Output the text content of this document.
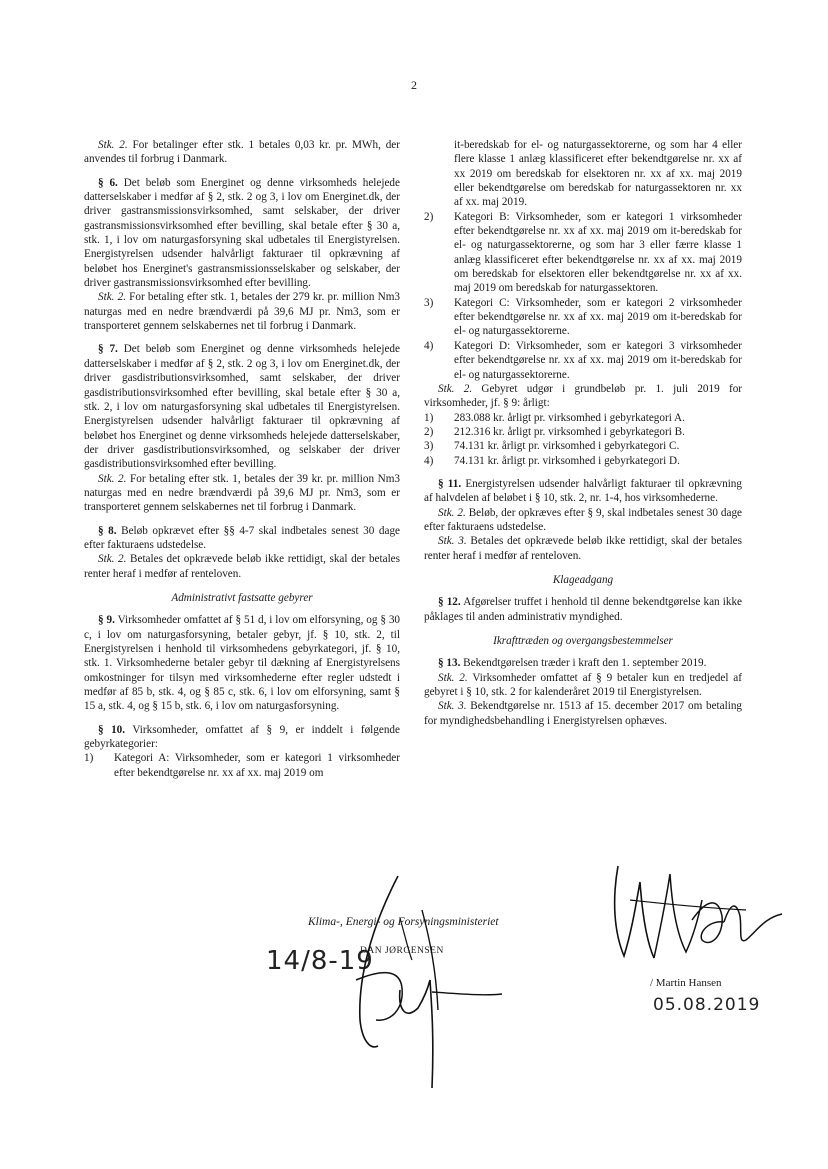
2

Stk. 2. For betalinger efter stk. 1 betales 0,03 kr. pr. MWh, der anvendes til forbrug i Danmark.

§ 6. Det beløb som Energinet og denne virksomheds helejede datterselskaber i medfør af § 2, stk. 2 og 3, i lov om Energinet.dk, der driver gastransmissionsvirksomhed, samt selskaber, der driver gastransmissionsvirksomhed efter bevilling, skal betale efter § 30 a, stk. 1, i lov om naturgasforsyning skal udbetales til Energistyrelsen. Energistyrelsen udsender halvårligt fakturaer til opkrævning af beløbet hos Energinet's gastransmissionsselskaber og selskaber, der driver gastransmissionsvirksomhed efter bevilling.

Stk. 2. For betaling efter stk. 1, betales der 279 kr. pr. million Nm3 naturgas med en nedre brændværdi på 39,6 MJ pr. Nm3, som er transporteret gennem selskabernes net til forbrug i Danmark.

§ 7. Det beløb som Energinet og denne virksomheds helejede datterselskaber i medfør af § 2, stk. 2 og 3, i lov om Energinet.dk, der driver gasdistributionsvirksomhed, samt selskaber, der driver gasdistributionsvirksomhed efter bevilling, skal betale efter § 30 a, stk. 2, i lov om naturgasforsyning skal udbetales til Energistyrelsen. Energistyrelsen udsender halvårligt fakturaer til opkrævning af beløbet hos Energinet og denne virksomheds helejede datterselskaber, der driver gasdistributionsvirksomhed, og selskaber der driver gasdistributionsvirksomhed efter bevilling.

Stk. 2. For betaling efter stk. 1, betales der 39 kr. pr. million Nm3 naturgas med en nedre brændværdi på 39,6 MJ pr. Nm3, som er transporteret gennem selskabernes net til forbrug i Danmark.

§ 8. Beløb opkrævet efter §§ 4-7 skal indbetales senest 30 dage efter fakturaens udstedelse.

Stk. 2. Betales det opkrævede beløb ikke rettidigt, skal der betales renter heraf i medfør af renteloven.

Administrativt fastsatte gebyrer

§ 9. Virksomheder omfattet af § 51 d, i lov om elforsyning, og § 30 c, i lov om naturgasforsyning, betaler gebyr, jf. § 10, stk. 2, til Energistyrelsen i henhold til virksomhedens gebyrkategori, jf. § 10, stk. 1. Virksomhederne betaler gebyr til dækning af Energistyrelsens omkostninger for tilsyn med virksomhederne efter regler udstedt i medfør af 85 b, stk. 4, og § 85 c, stk. 6, i lov om elforsyning, samt § 15 a, stk. 4, og § 15 b, stk. 6, i lov om naturgasforsyning.

§ 10. Virksomheder, omfattet af § 9, er inddelt i følgende gebyrkategorier:

1)	Kategori A: Virksomheder, som er kategori 1 virksomheder efter bekendtgørelse nr. xx af xx. maj 2019 om
it-beredskab for el- og naturgassektorerne, og som har 4 eller flere klasse 1 anlæg klassificeret efter bekendtgørelse nr. xx af xx 2019 om beredskab for elsektoren nr. xx af xx. maj 2019 eller bekendtgørelse om beredskab for naturgassektoren nr. xx af xx. maj 2019.
2)	Kategori B: Virksomheder, som er kategori 1 virksomheder efter bekendtgørelse nr. xx af xx. maj 2019 om it-beredskab for el- og naturgassektorerne, og som har 3 eller færre klasse 1 anlæg klassificeret efter bekendtgørelse nr. xx af xx. maj 2019 om beredskab for elsektoren eller bekendtgørelse nr. xx af xx. maj 2019 om beredskab for naturgassektoren.
3)	Kategori C: Virksomheder, som er kategori 2 virksomheder efter bekendtgørelse nr. xx af xx. maj 2019 om it-beredskab for el- og naturgassektorerne.
4)	Kategori D: Virksomheder, som er kategori 3 virksomheder efter bekendtgørelse nr. xx af xx. maj 2019 om it-beredskab for el- og naturgassektorerne.

Stk. 2. Gebyret udgør i grundbeløb pr. 1. juli 2019 for virksomheder, jf. § 9: årligt:

1)	283.088 kr. årligt pr. virksomhed i gebyrkategori A.
2)	212.316 kr. årligt pr. virksomhed i gebyrkategori B.
3)	74.131 kr. årligt pr. virksomhed i gebyrkategori C.
4)	74.131 kr. årligt pr. virksomhed i gebyrkategori D.

§ 11. Energistyrelsen udsender halvårligt fakturaer til opkrævning af halvdelen af beløbet i § 10, stk. 2, nr. 1-4, hos virksomhederne.

Stk. 2. Beløb, der opkræves efter § 9, skal indbetales senest 30 dage efter fakturaens udstedelse.

Stk. 3. Betales det opkrævede beløb ikke rettidigt, skal der betales renter heraf i medfør af renteloven.

Klageadgang

§ 12. Afgørelser truffet i henhold til denne bekendtgørelse kan ikke påklages til anden administrativ myndighed.

Ikrafttræden og overgangsbestemmelser

§ 13. Bekendtgørelsen træder i kraft den 1. september 2019.

Stk. 2. Virksomheder omfattet af § 9 betaler kun en tredjedel af gebyret i § 10, stk. 2 for kalenderåret 2019 til Energistyrelsen.

Stk. 3. Bekendtgørelse nr. 1513 af 15. december 2017 om betaling for myndighedsbehandling i Energistyrelsen ophæves.

Klima-, Energi- og Forsyningsministeriet
DAN JØRGENSEN
14/8-19
/ Martin Hansen
05.08.2019
